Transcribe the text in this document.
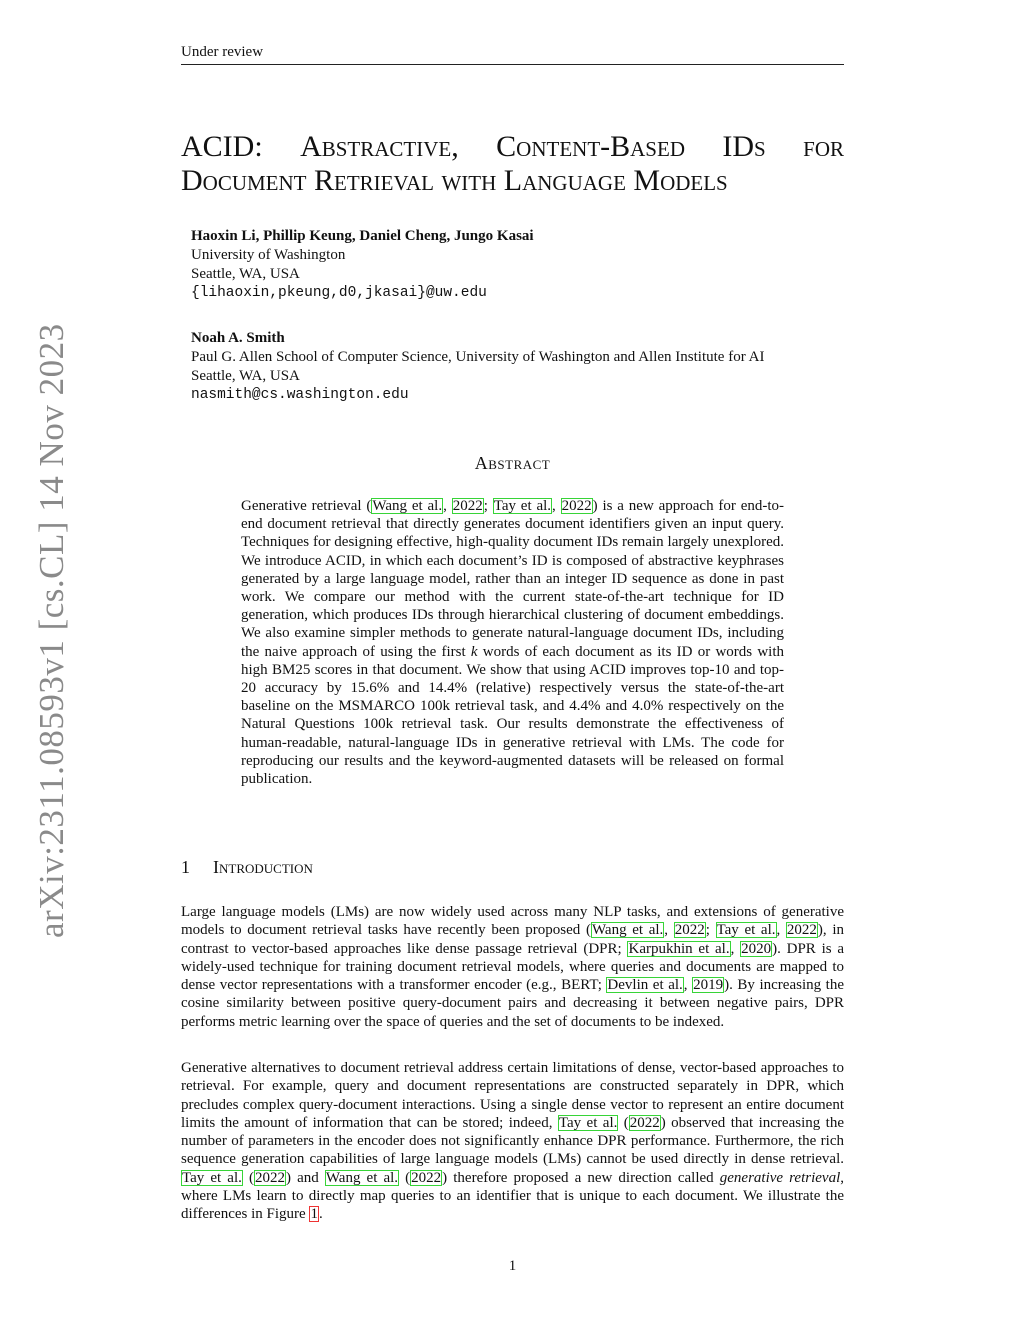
Under review
arXiv:2311.08593v1 [cs.CL] 14 Nov 2023
ACID: Abstractive, Content-Based IDs for
Document Retrieval with Language Models
Haoxin Li, Phillip Keung, Daniel Cheng, Jungo Kasai
University of Washington
Seattle, WA, USA
{lihaoxin,pkeung,d0,jkasai}@uw.edu
Noah A. Smith
Paul G. Allen School of Computer Science, University of Washington and Allen Institute for AI
Seattle, WA, USA
nasmith@cs.washington.edu
Abstract
Generative retrieval (Wang et al., 2022; Tay et al., 2022) is a new approach for end-to-end document retrieval that directly generates document identifiers given an input query. Techniques for designing effective, high-quality document IDs remain largely unexplored. We introduce ACID, in which each document’s ID is composed of abstractive keyphrases generated by a large language model, rather than an integer ID sequence as done in past work. We compare our method with the current state-of-the-art technique for ID generation, which produces IDs through hierarchical clustering of document embeddings. We also examine simpler methods to generate natural-language document IDs, including the naive approach of using the first k words of each document as its ID or words with high BM25 scores in that document. We show that using ACID improves top-10 and top-20 accuracy by 15.6% and 14.4% (relative) respectively versus the state-of-the-art baseline on the MSMARCO 100k retrieval task, and 4.4% and 4.0% respectively on the Natural Questions 100k retrieval task. Our results demonstrate the effectiveness of human-readable, natural-language IDs in generative retrieval with LMs. The code for reproducing our results and the keyword-augmented datasets will be released on formal publication.
1 Introduction
Large language models (LMs) are now widely used across many NLP tasks, and extensions of generative models to document retrieval tasks have recently been proposed (Wang et al., 2022; Tay et al., 2022), in contrast to vector-based approaches like dense passage retrieval (DPR; Karpukhin et al., 2020). DPR is a widely-used technique for training document retrieval models, where queries and documents are mapped to dense vector representations with a transformer encoder (e.g., BERT; Devlin et al., 2019). By increasing the cosine similarity between positive query-document pairs and decreasing it between negative pairs, DPR performs metric learning over the space of queries and the set of documents to be indexed.
Generative alternatives to document retrieval address certain limitations of dense, vector-based approaches to retrieval. For example, query and document representations are constructed separately in DPR, which precludes complex query-document interactions. Using a single dense vector to represent an entire document limits the amount of information that can be stored; indeed, Tay et al. (2022) observed that increasing the number of parameters in the encoder does not significantly enhance DPR performance. Furthermore, the rich sequence generation capabilities of large language models (LMs) cannot be used directly in dense retrieval. Tay et al. (2022) and Wang et al. (2022) therefore proposed a new direction called generative retrieval, where LMs learn to directly map queries to an identifier that is unique to each document. We illustrate the differences in Figure 1.
1
